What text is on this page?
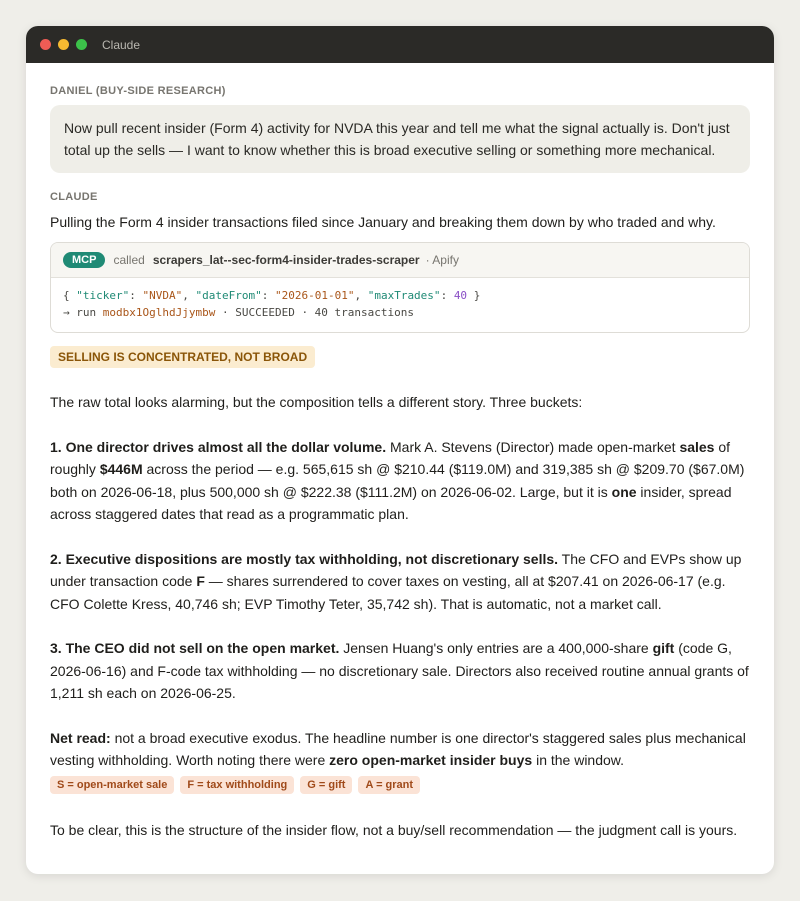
Claude
DANIEL (BUY-SIDE RESEARCH)
Now pull recent insider (Form 4) activity for NVDA this year and tell me what the signal actually is. Don't just total up the sells — I want to know whether this is broad executive selling or something more mechanical.
CLAUDE
Pulling the Form 4 insider transactions filed since January and breaking them down by who traded and why.
MCP	called scrapers_lat--sec-form4-insider-trades-scraper · Apify
{ "ticker": "NVDA", "dateFrom": "2026-01-01", "maxTrades": 40 }
→ run modbx1OglhdJjymbw · SUCCEEDED · 40 transactions
SELLING IS CONCENTRATED, NOT BROAD
The raw total looks alarming, but the composition tells a different story. Three buckets:
1. One director drives almost all the dollar volume. Mark A. Stevens (Director) made open-market sales of roughly $446M across the period — e.g. 565,615 sh @ $210.44 ($119.0M) and 319,385 sh @ $209.70 ($67.0M) both on 2026-06-18, plus 500,000 sh @ $222.38 ($111.2M) on 2026-06-02. Large, but it is one insider, spread across staggered dates that read as a programmatic plan.
2. Executive dispositions are mostly tax withholding, not discretionary sells. The CFO and EVPs show up under transaction code F — shares surrendered to cover taxes on vesting, all at $207.41 on 2026-06-17 (e.g. CFO Colette Kress, 40,746 sh; EVP Timothy Teter, 35,742 sh). That is automatic, not a market call.
3. The CEO did not sell on the open market. Jensen Huang's only entries are a 400,000-share gift (code G, 2026-06-16) and F-code tax withholding — no discretionary sale. Directors also received routine annual grants of 1,211 sh each on 2026-06-25.
Net read: not a broad executive exodus. The headline number is one director's staggered sales plus mechanical vesting withholding. Worth noting there were zero open-market insider buys in the window.
S = open-market sale	F = tax withholding	G = gift	A = grant
To be clear, this is the structure of the insider flow, not a buy/sell recommendation — the judgment call is yours.
